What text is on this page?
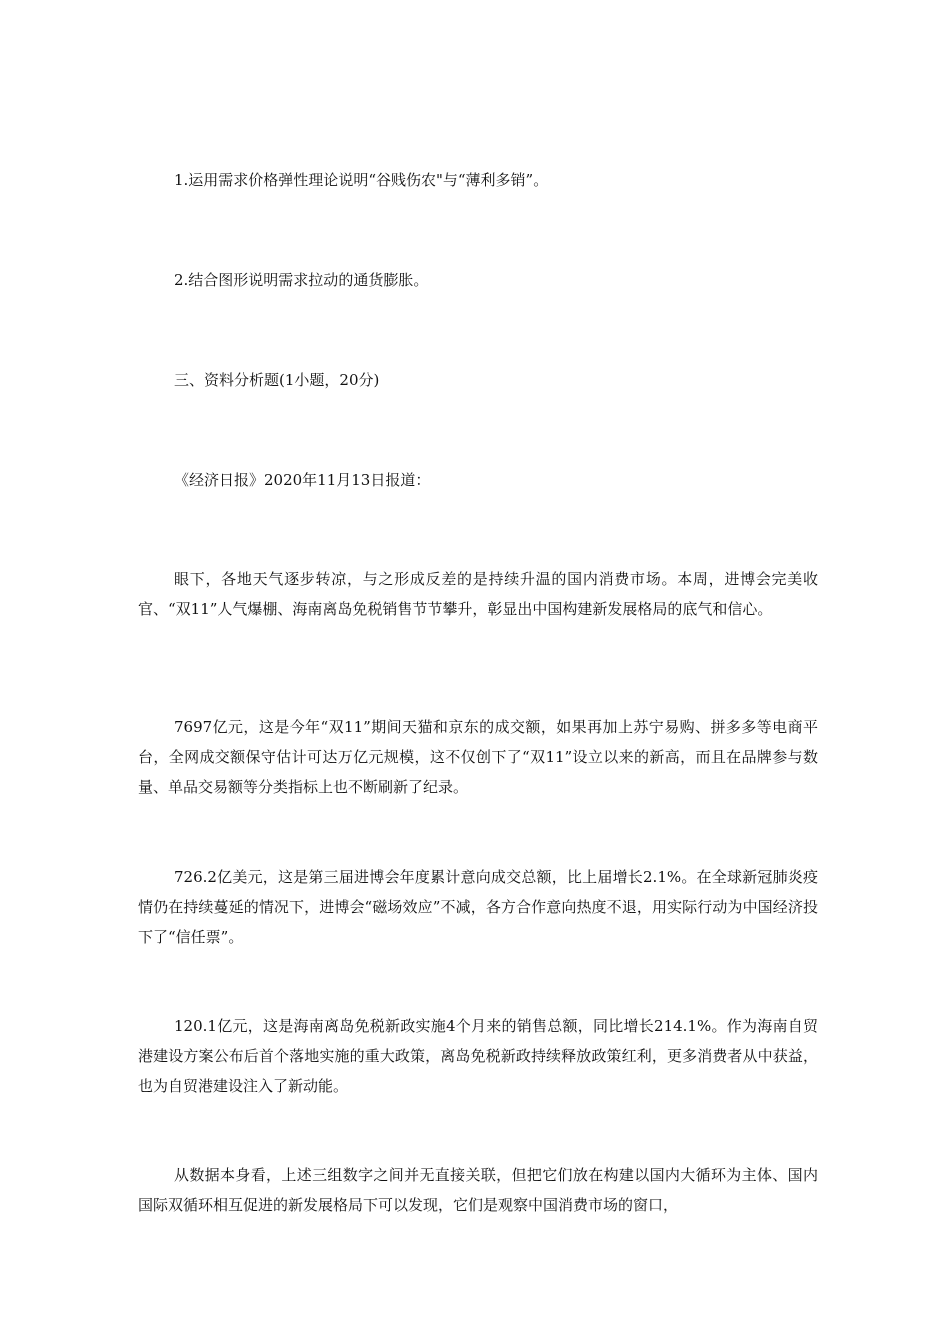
1.运用需求价格弹性理论说明“谷贱伤农"与“薄利多销”。
2.结合图形说明需求拉动的通货膨胀。
三、资料分析题(1小题，20分)
《经济日报》2020年11月13日报道：
眼下，各地天气逐步转凉，与之形成反差的是持续升温的国内消费市场。本周，进博会完美收官、“双11”人气爆棚、海南离岛免税销售节节攀升，彰显出中国构建新发展格局的底气和信心。
7697亿元，这是今年“双11”期间天猫和京东的成交额，如果再加上苏宁易购、拼多多等电商平台，全网成交额保守估计可达万亿元规模，这不仅创下了“双11”设立以来的新高，而且在品牌参与数量、单品交易额等分类指标上也不断刷新了纪录。
726.2亿美元，这是第三届进博会年度累计意向成交总额，比上届增长2.1%。在全球新冠肺炎疫情仍在持续蔓延的情况下，进博会“磁场效应”不减，各方合作意向热度不退，用实际行动为中国经济投下了“信任票”。
120.1亿元，这是海南离岛免税新政实施4个月来的销售总额，同比增长214.1%。作为海南自贸港建设方案公布后首个落地实施的重大政策，离岛免税新政持续释放政策红利，更多消费者从中获益，也为自贸港建设注入了新动能。
从数据本身看，上述三组数字之间并无直接关联，但把它们放在构建以国内大循环为主体、国内国际双循环相互促进的新发展格局下可以发现，它们是观察中国消费市场的窗口，
